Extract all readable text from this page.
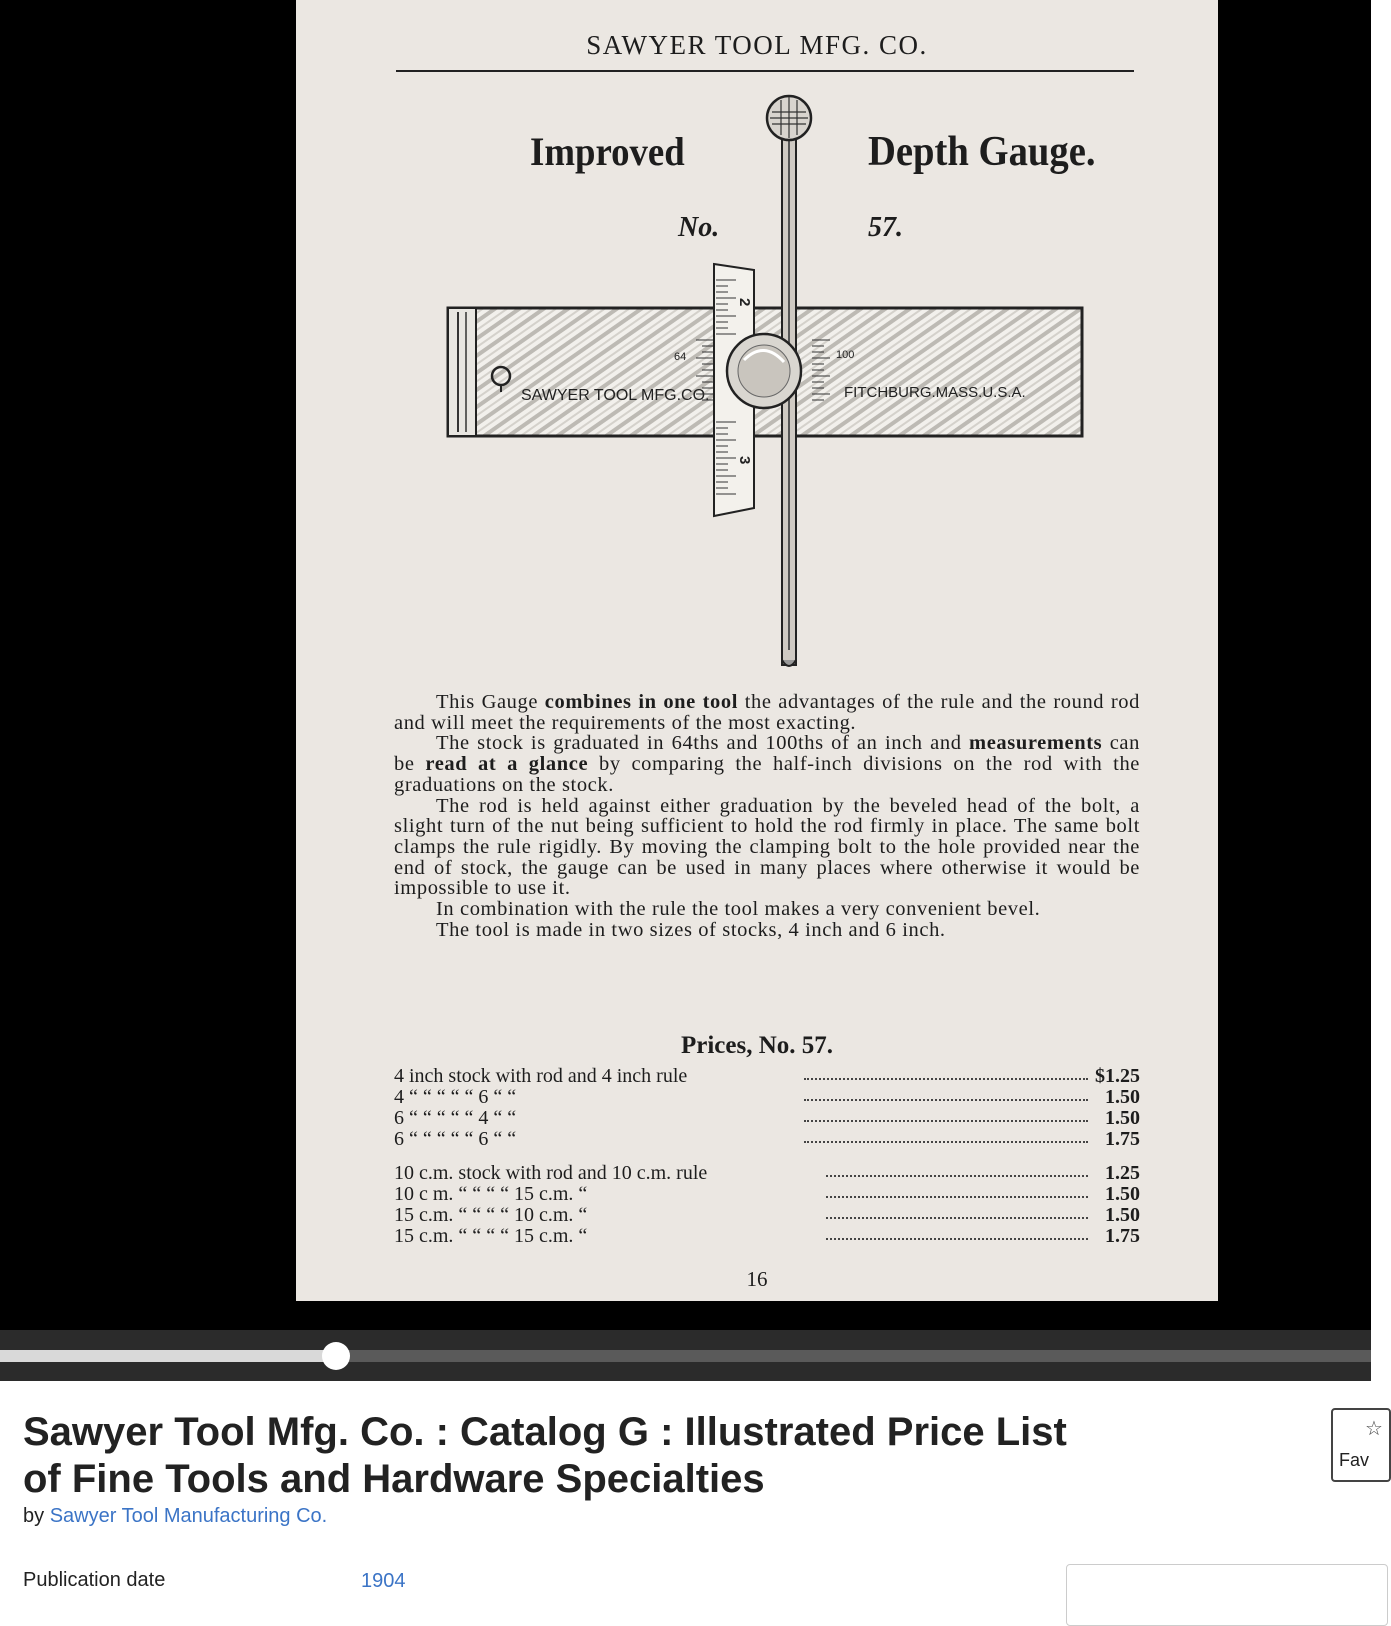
SAWYER TOOL MFG. CO.
SAWYER TOOL MFG.CO.	FITCHBURG.MASS.U.S.A.
64	100
2
3
Improved	Depth Gauge.
No.	57.

This Gauge combines in one tool the advantages of the rule and the round rod and will meet the requirements of the most exacting.

The stock is graduated in 64ths and 100ths of an inch and measurements can be read at a glance by comparing the half-inch divisions on the rod with the graduations on the stock.

The rod is held against either graduation by the beveled head of the bolt, a slight turn of the nut being sufficient to hold the rod firmly in place. The same bolt clamps the rule rigidly. By moving the clamping bolt to the hole provided near the end of stock, the gauge can be used in many places where otherwise it would be impossible to use it.

In combination with the rule the tool makes a very convenient bevel.

The tool is made in two sizes of stocks, 4 inch and 6 inch.

Prices, No. 57.
4 inch stock with rod and 4 inch rule	$1.25
4 “ “ “ “ “ 6 “ “	1.50
6 “ “ “ “ “ 4 “ “	1.50
6 “ “ “ “ “ 6 “ “	1.75
10 c.m. stock with rod and 10 c.m. rule	1.25
10 c m. “ “ “ “ 15 c.m. “	1.50
15 c.m. “ “ “ “ 10 c.m. “	1.50
15 c.m. “ “ “ “ 15 c.m. “	1.75
16
Sawyer Tool Mfg. Co. : Catalog G : Illustrated Price List of Fine Tools and Hardware Specialties
by Sawyer Tool Manufacturing Co.
Publication date	1904
☆
Fav
